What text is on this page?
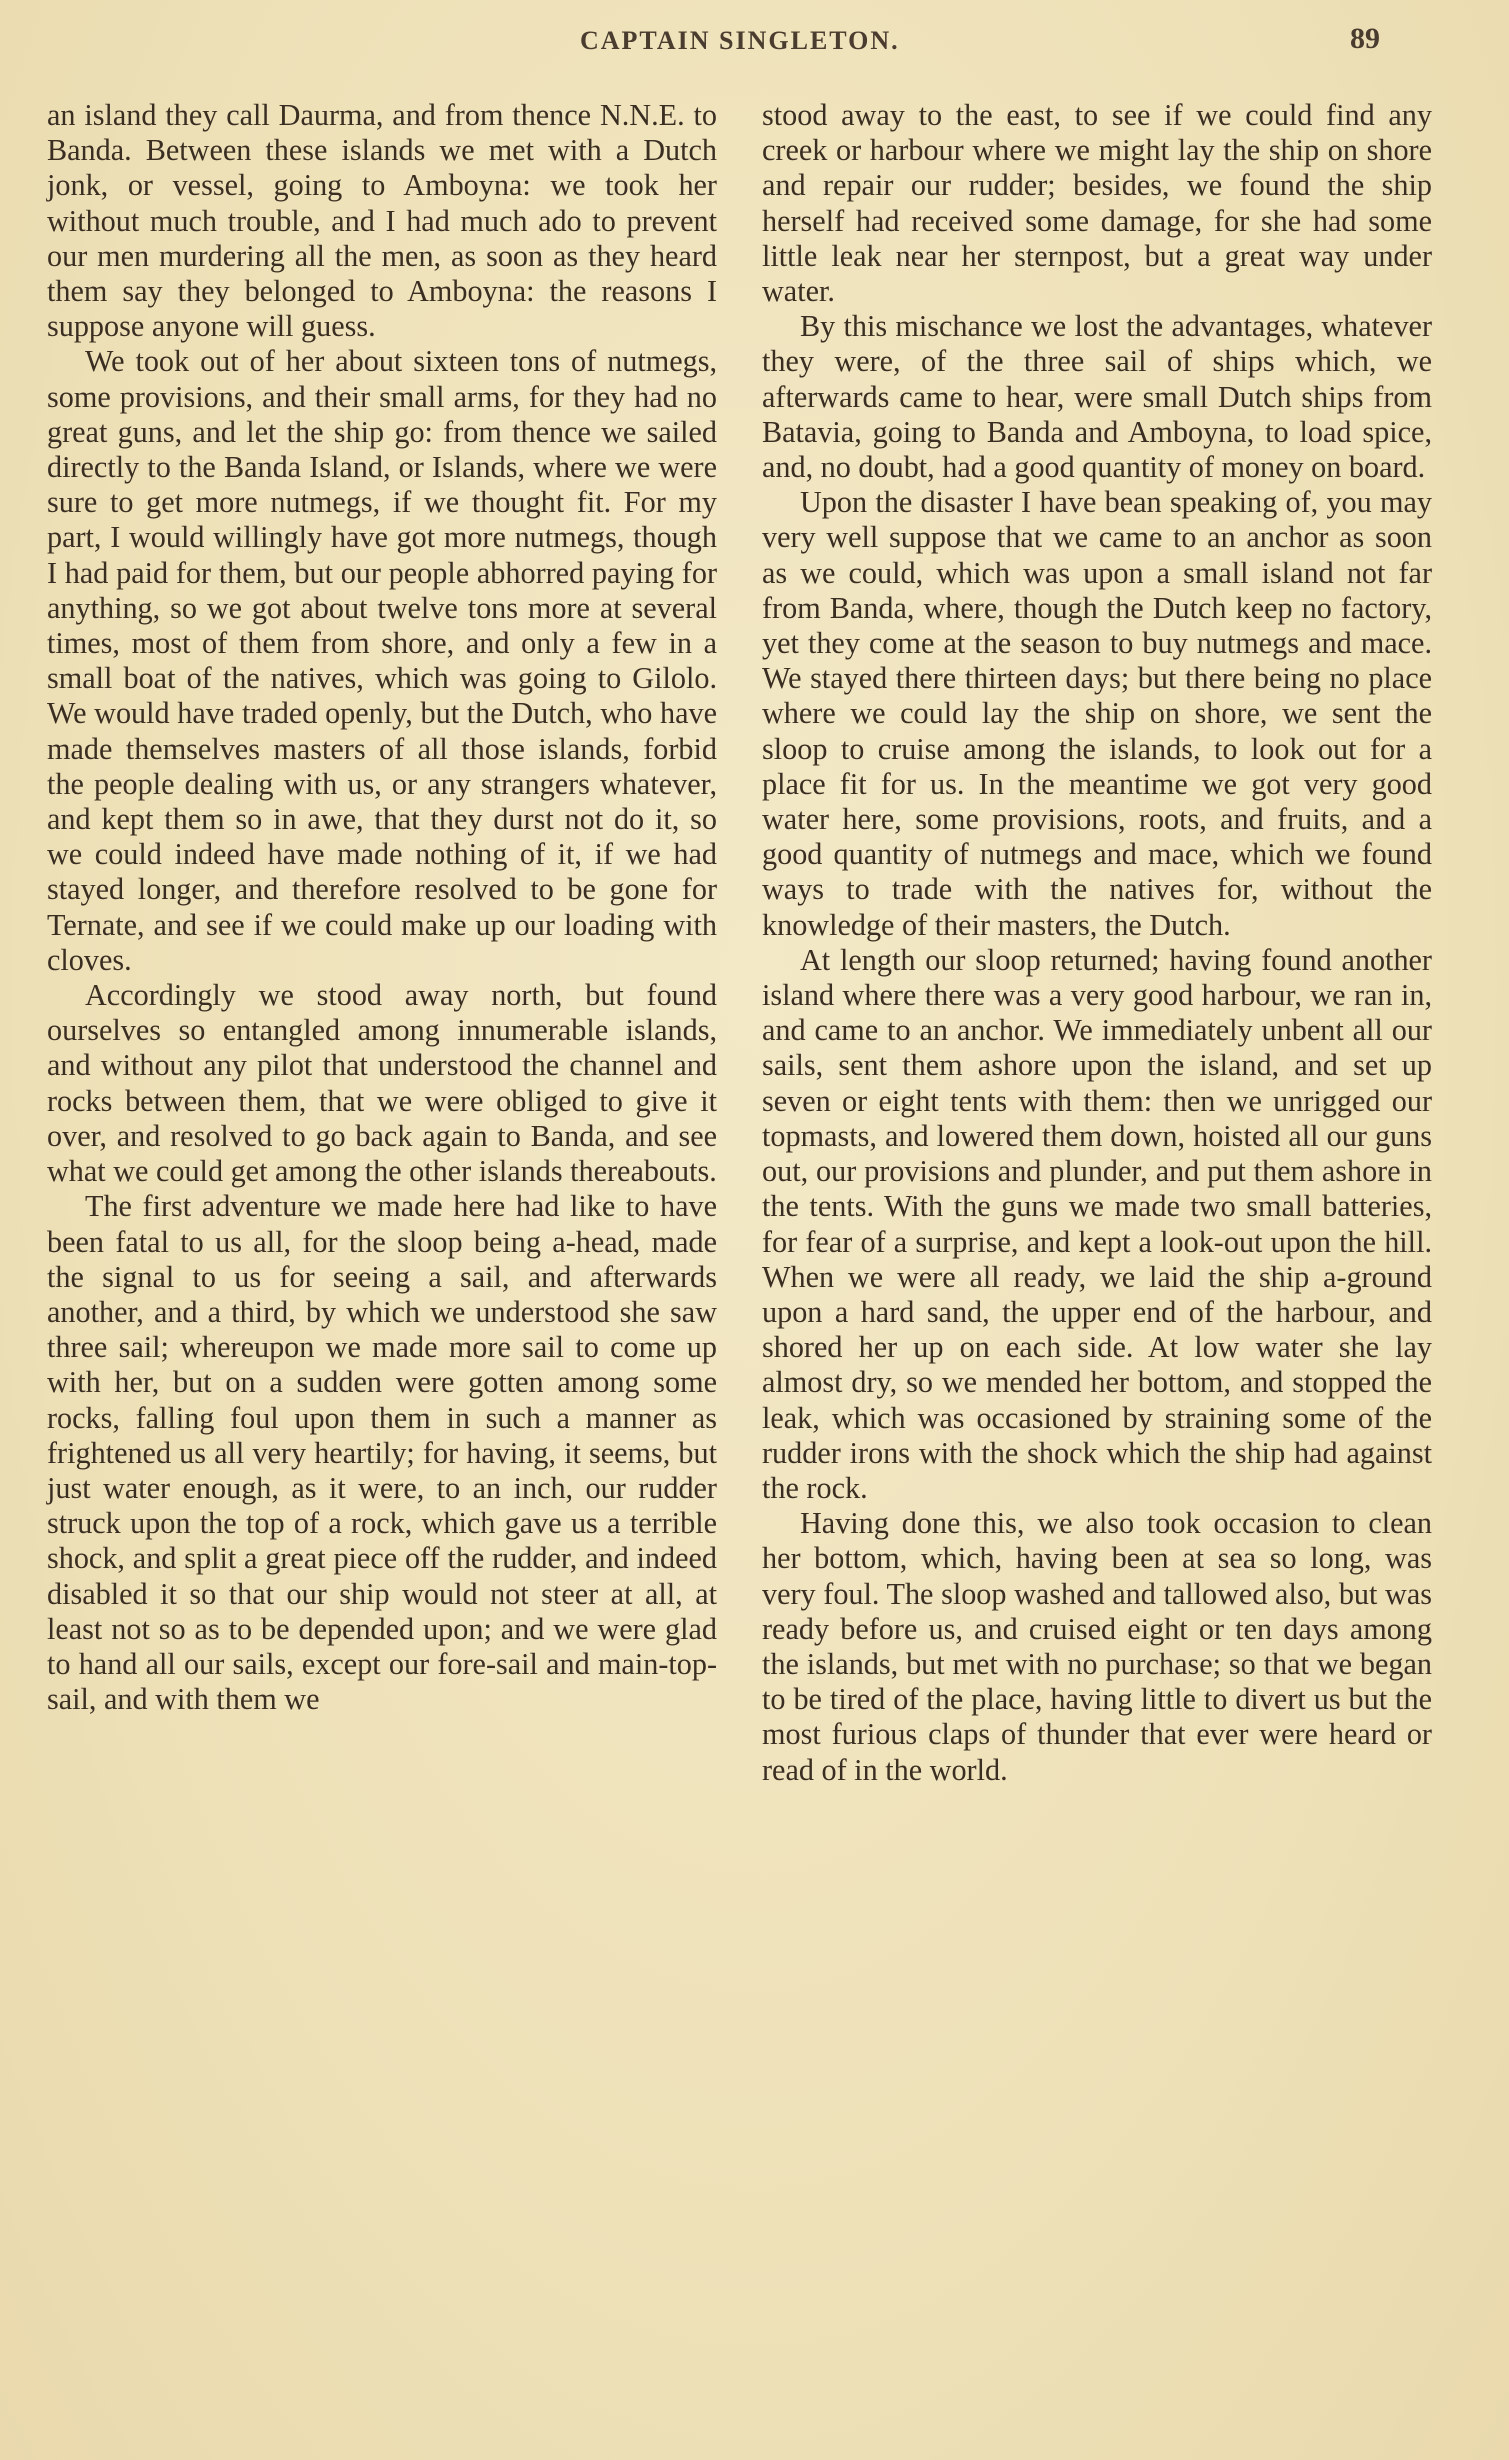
CAPTAIN SINGLETON.	89

an island they call Daurma, and from thence N.N.E. to Banda. Between these islands we met with a Dutch jonk, or vessel, going to Amboyna: we took her without much trouble, and I had much ado to prevent our men murdering all the men, as soon as they heard them say they belonged to Amboyna: the reasons I suppose anyone will guess.

We took out of her about sixteen tons of nutmegs, some provisions, and their small arms, for they had no great guns, and let the ship go: from thence we sailed directly to the Banda Island, or Islands, where we were sure to get more nutmegs, if we thought fit. For my part, I would willingly have got more nutmegs, though I had paid for them, but our people abhorred paying for anything, so we got about twelve tons more at several times, most of them from shore, and only a few in a small boat of the natives, which was going to Gilolo. We would have traded openly, but the Dutch, who have made themselves masters of all those islands, forbid the people dealing with us, or any strangers whatever, and kept them so in awe, that they durst not do it, so we could indeed have made nothing of it, if we had stayed longer, and therefore resolved to be gone for Ternate, and see if we could make up our loading with cloves.

Accordingly we stood away north, but found ourselves so entangled among innumerable islands, and without any pilot that understood the channel and rocks between them, that we were obliged to give it over, and resolved to go back again to Banda, and see what we could get among the other islands thereabouts.

The first adventure we made here had like to have been fatal to us all, for the sloop being a-head, made the signal to us for seeing a sail, and afterwards another, and a third, by which we understood she saw three sail; whereupon we made more sail to come up with her, but on a sudden were gotten among some rocks, falling foul upon them in such a manner as frightened us all very heartily; for having, it seems, but just water enough, as it were, to an inch, our rudder struck upon the top of a rock, which gave us a terrible shock, and split a great piece off the rudder, and indeed disabled it so that our ship would not steer at all, at least not so as to be depended upon; and we were glad to hand all our sails, except our fore-sail and main-top-sail, and with them we

stood away to the east, to see if we could find any creek or harbour where we might lay the ship on shore and repair our rudder; besides, we found the ship herself had received some damage, for she had some little leak near her sternpost, but a great way under water.

By this mischance we lost the advantages, whatever they were, of the three sail of ships which, we afterwards came to hear, were small Dutch ships from Batavia, going to Banda and Amboyna, to load spice, and, no doubt, had a good quantity of money on board.

Upon the disaster I have bean speaking of, you may very well suppose that we came to an anchor as soon as we could, which was upon a small island not far from Banda, where, though the Dutch keep no factory, yet they come at the season to buy nutmegs and mace. We stayed there thirteen days; but there being no place where we could lay the ship on shore, we sent the sloop to cruise among the islands, to look out for a place fit for us. In the meantime we got very good water here, some provisions, roots, and fruits, and a good quantity of nutmegs and mace, which we found ways to trade with the natives for, without the knowledge of their masters, the Dutch.

At length our sloop returned; having found another island where there was a very good harbour, we ran in, and came to an anchor. We immediately unbent all our sails, sent them ashore upon the island, and set up seven or eight tents with them: then we unrigged our topmasts, and lowered them down, hoisted all our guns out, our provisions and plunder, and put them ashore in the tents. With the guns we made two small batteries, for fear of a surprise, and kept a look-out upon the hill. When we were all ready, we laid the ship a-ground upon a hard sand, the upper end of the harbour, and shored her up on each side. At low water she lay almost dry, so we mended her bottom, and stopped the leak, which was occasioned by straining some of the rudder irons with the shock which the ship had against the rock.

Having done this, we also took occasion to clean her bottom, which, having been at sea so long, was very foul. The sloop washed and tallowed also, but was ready before us, and cruised eight or ten days among the islands, but met with no purchase; so that we began to be tired of the place, having little to divert us but the most furious claps of thunder that ever were heard or read of in the world.
